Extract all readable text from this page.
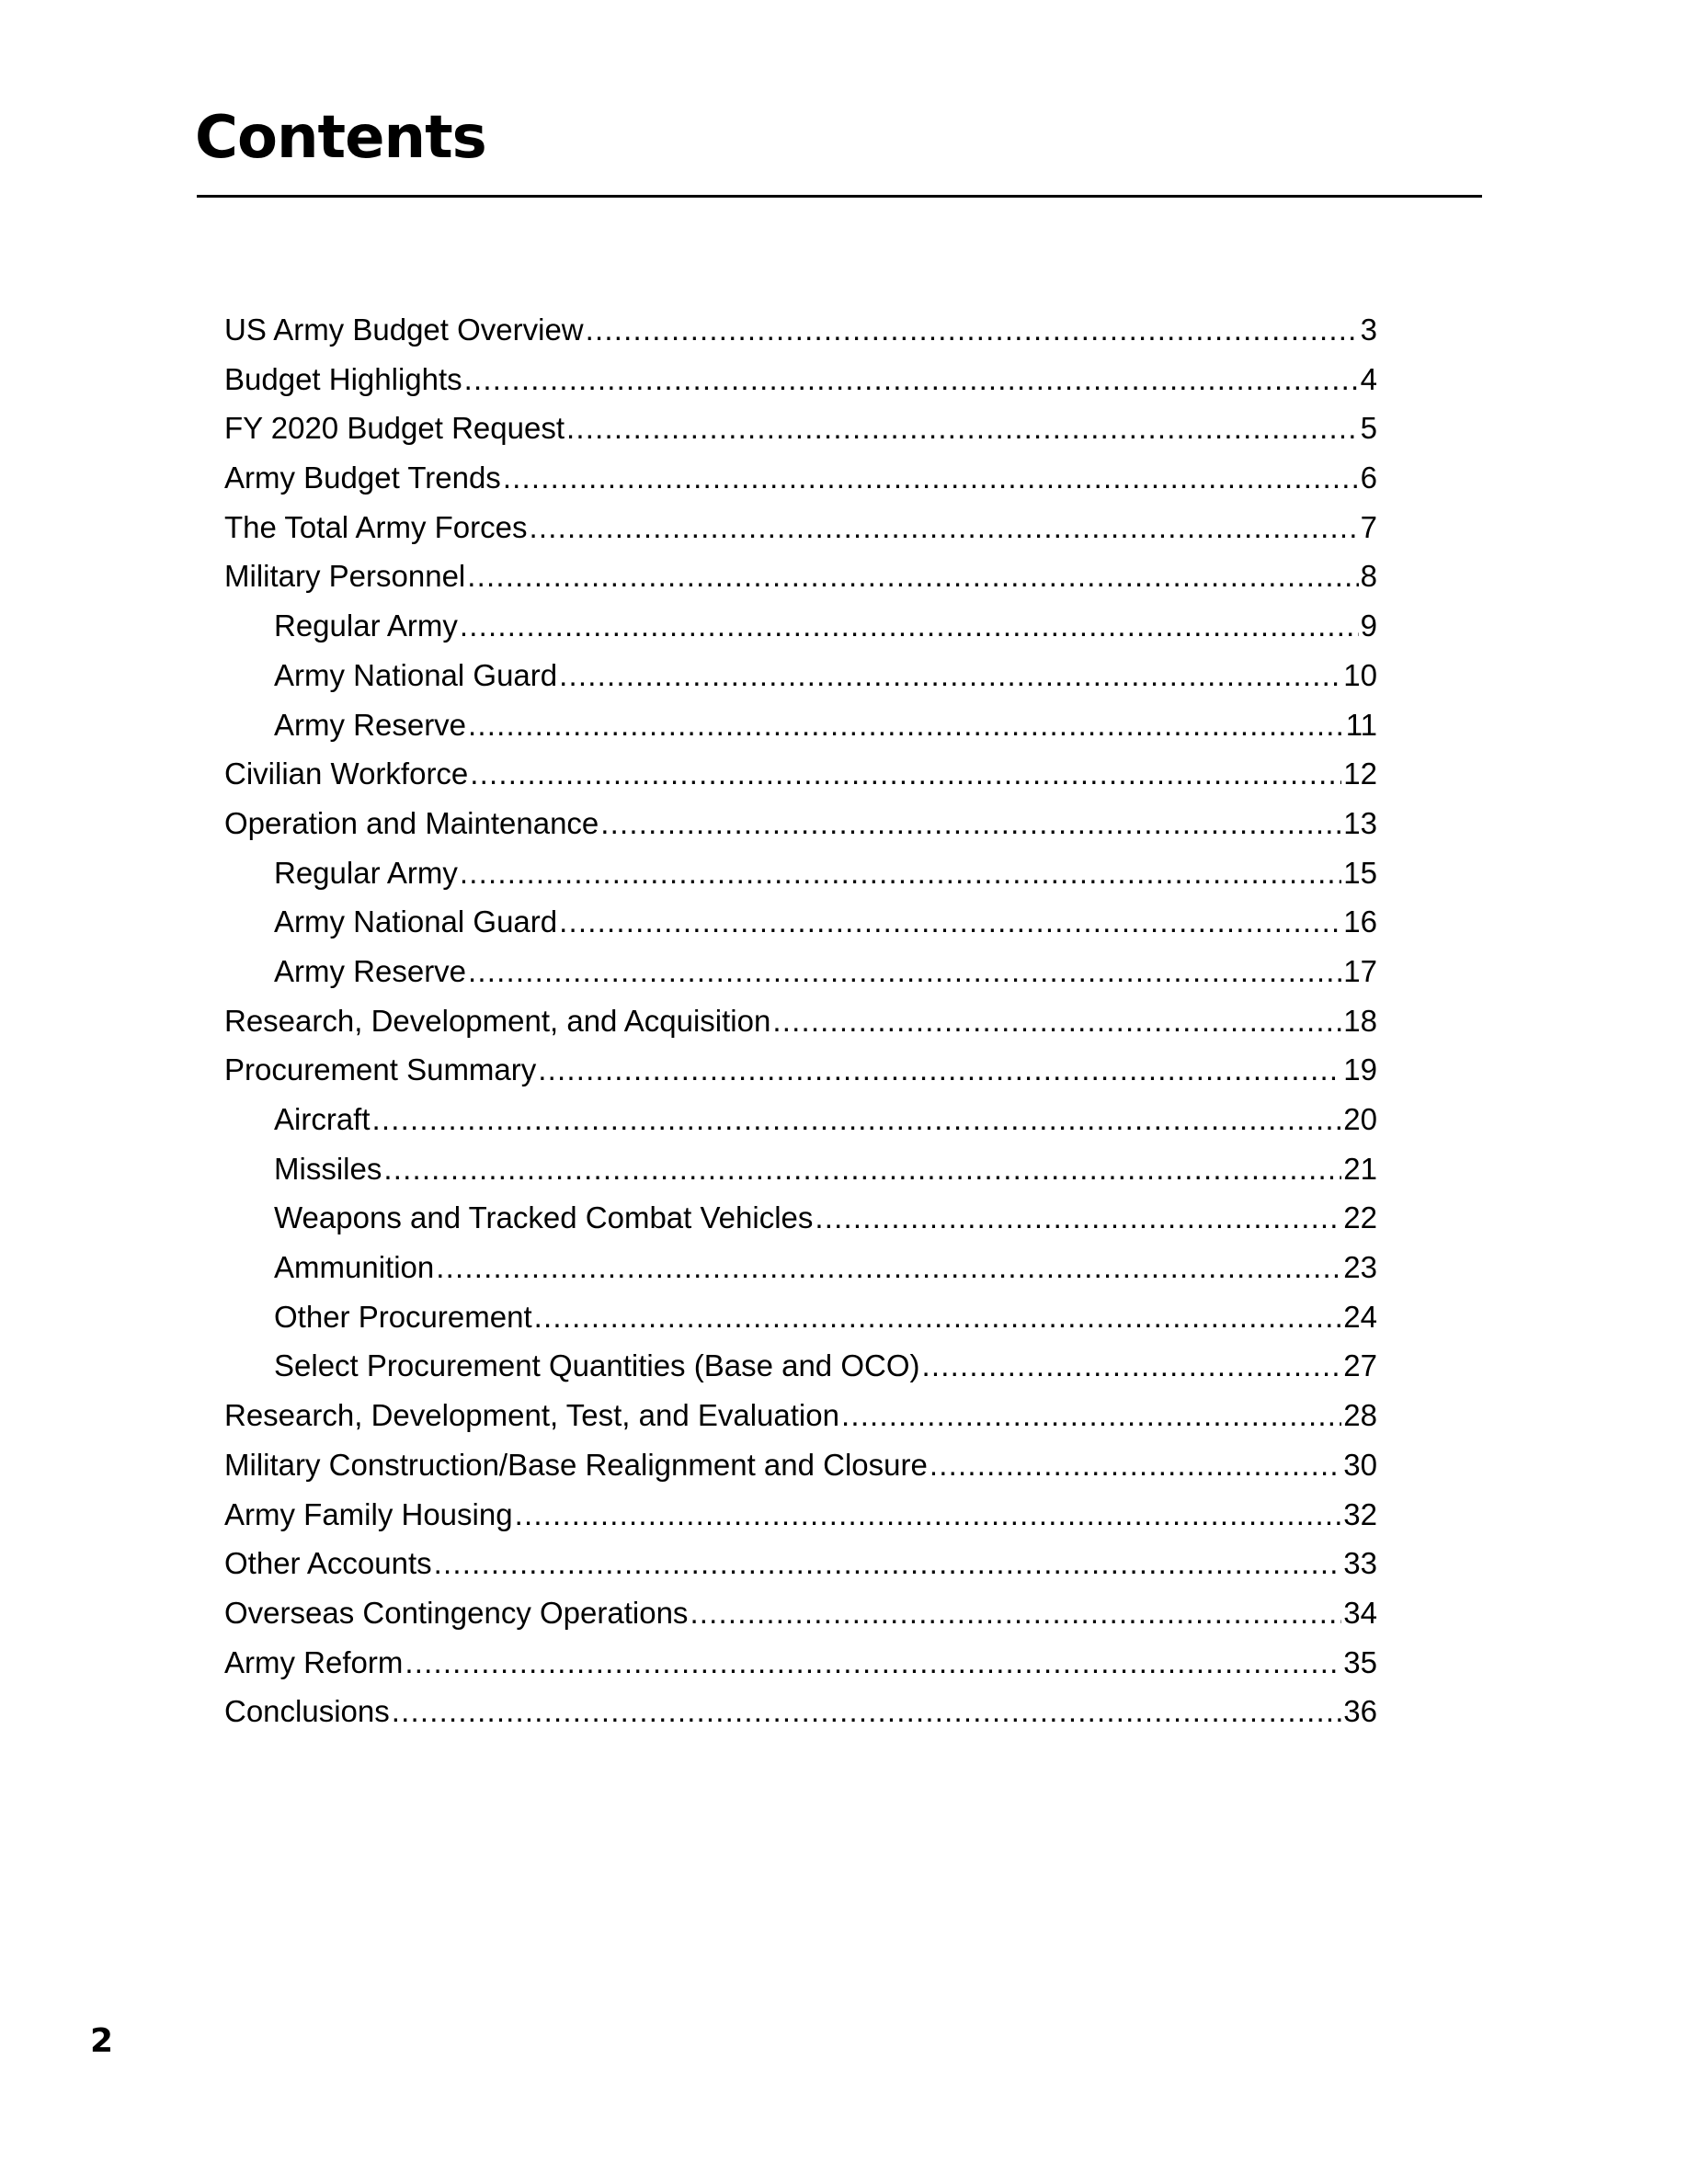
Contents
US Army Budget Overview .....	3
Budget Highlights .....	4
FY 2020 Budget Request .....	5
Army Budget Trends .....	6
The Total Army Forces .....	7
Military Personnel .....	8
Regular Army .....	9
Army National Guard .....	10
Army Reserve .....	11
Civilian Workforce .....	12
Operation and Maintenance .....	13
Regular Army .....	15
Army National Guard .....	16
Army Reserve .....	17
Research, Development, and Acquisition .....	18
Procurement Summary .....	19
Aircraft .....	20
Missiles .....	21
Weapons and Tracked Combat Vehicles .....	22
Ammunition .....	23
Other Procurement .....	24
Select Procurement Quantities (Base and OCO) .....	27
Research, Development, Test, and Evaluation .....	28
Military Construction/Base Realignment and Closure .....	30
Army Family Housing .....	32
Other Accounts .....	33
Overseas Contingency Operations .....	34
Army Reform .....	35
Conclusions .....	36

2
